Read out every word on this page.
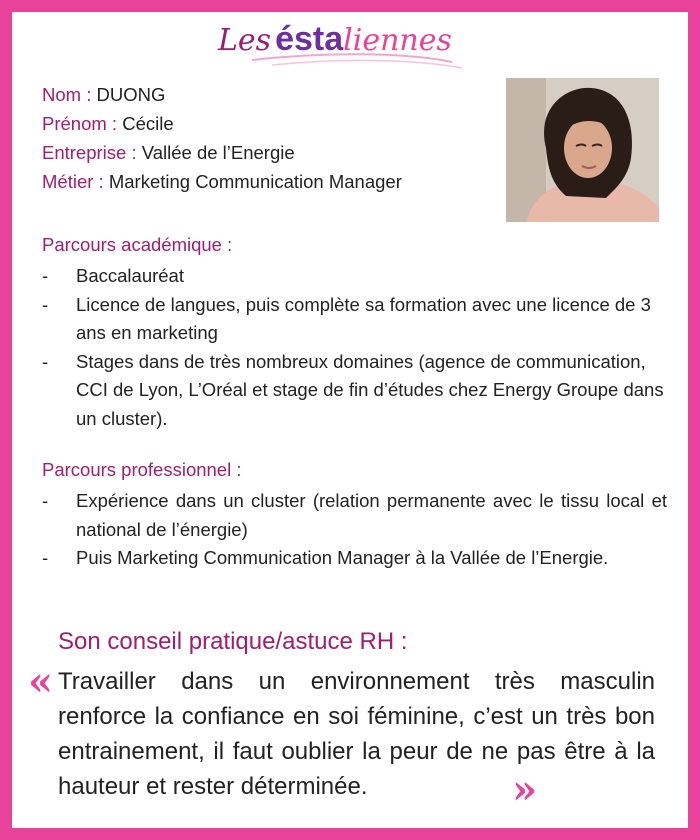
Les éstaliennes
Nom : DUONG
Prénom : Cécile
Entreprise : Vallée de l’Energie
Métier : Marketing Communication Manager
Parcours académique :
- Baccalauréat
- Licence de langues, puis complète sa formation avec une licence de 3 ans en marketing
- Stages dans de très nombreux domaines (agence de communication, CCI de Lyon, L’Oréal et stage de fin d’études chez Energy Groupe dans un cluster).
Parcours professionnel :
- Expérience dans un cluster (relation permanente avec le tissu local et national de l’énergie)
- Puis Marketing Communication Manager à la Vallée de l’Energie.
Son conseil pratique/astuce RH :
« Travailler dans un environnement très masculin renforce la confiance en soi féminine, c’est un très bon entrainement, il faut oublier la peur de ne pas être à la hauteur et rester déterminée.	»
